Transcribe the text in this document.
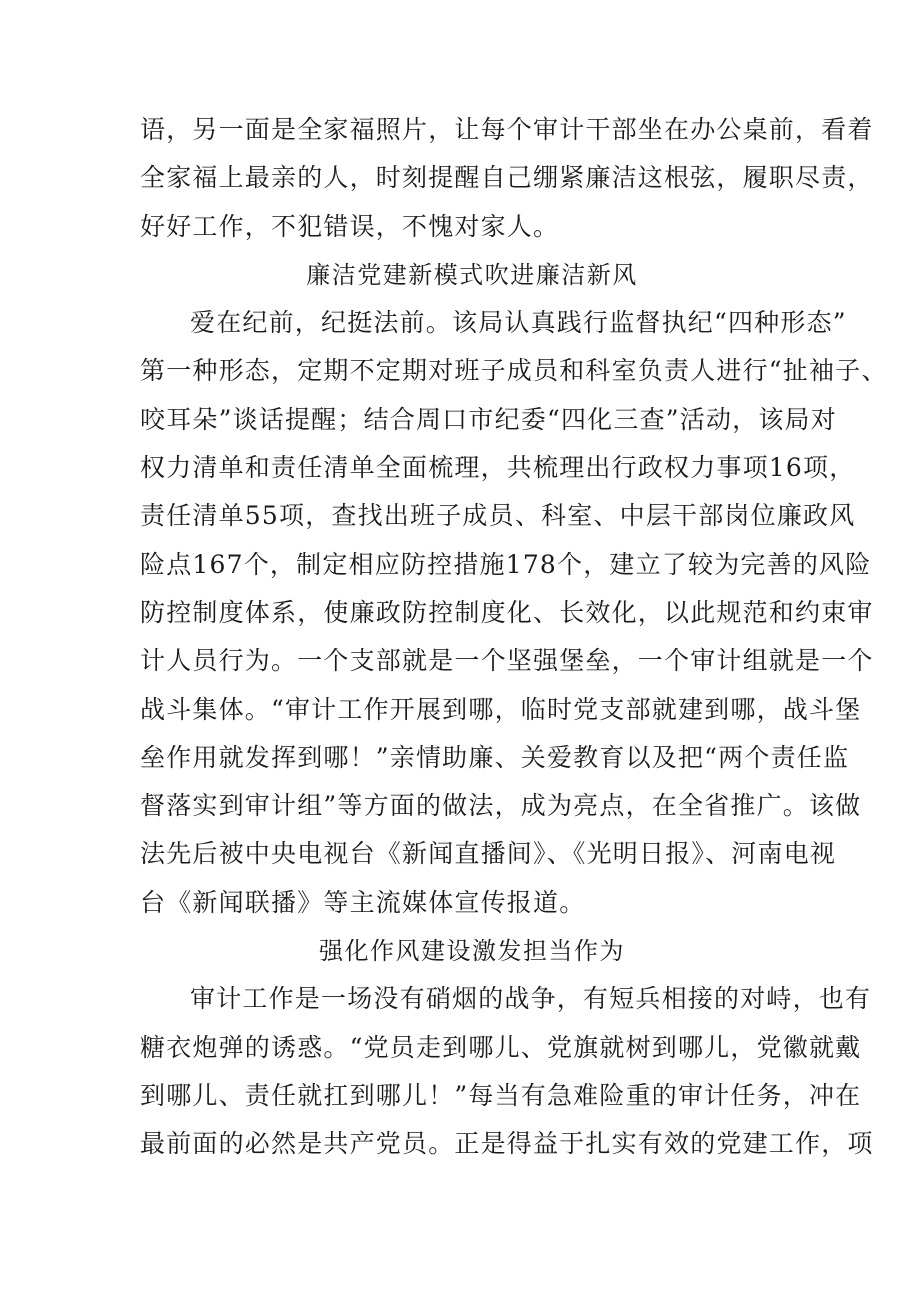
语，另一面是全家福照片，让每个审计干部坐在办公桌前，看着
全家福上最亲的人，时刻提醒自己绷紧廉洁这根弦，履职尽责，
好好工作，不犯错误，不愧对家人。
廉洁党建新模式吹进廉洁新风
爱在纪前，纪挺法前。该局认真践行监督执纪“四种形态”
第一种形态，定期不定期对班子成员和科室负责人进行“扯袖子、
咬耳朵”谈话提醒；结合周口市纪委“四化三查”活动，该局对
权力清单和责任清单全面梳理，共梳理出行政权力事项16项，
责任清单55项，查找出班子成员、科室、中层干部岗位廉政风
险点167个，制定相应防控措施178个，建立了较为完善的风险
防控制度体系，使廉政防控制度化、长效化，以此规范和约束审
计人员行为。一个支部就是一个坚强堡垒，一个审计组就是一个
战斗集体。“审计工作开展到哪，临时党支部就建到哪，战斗堡
垒作用就发挥到哪！”亲情助廉、关爱教育以及把“两个责任监
督落实到审计组”等方面的做法，成为亮点，在全省推广。该做
法先后被中央电视台《新闻直播间》、《光明日报》、河南电视
台《新闻联播》等主流媒体宣传报道。
强化作风建设激发担当作为
审计工作是一场没有硝烟的战争，有短兵相接的对峙，也有
糖衣炮弹的诱惑。“党员走到哪儿、党旗就树到哪儿，党徽就戴
到哪儿、责任就扛到哪儿！”每当有急难险重的审计任务，冲在
最前面的必然是共产党员。正是得益于扎实有效的党建工作，项
